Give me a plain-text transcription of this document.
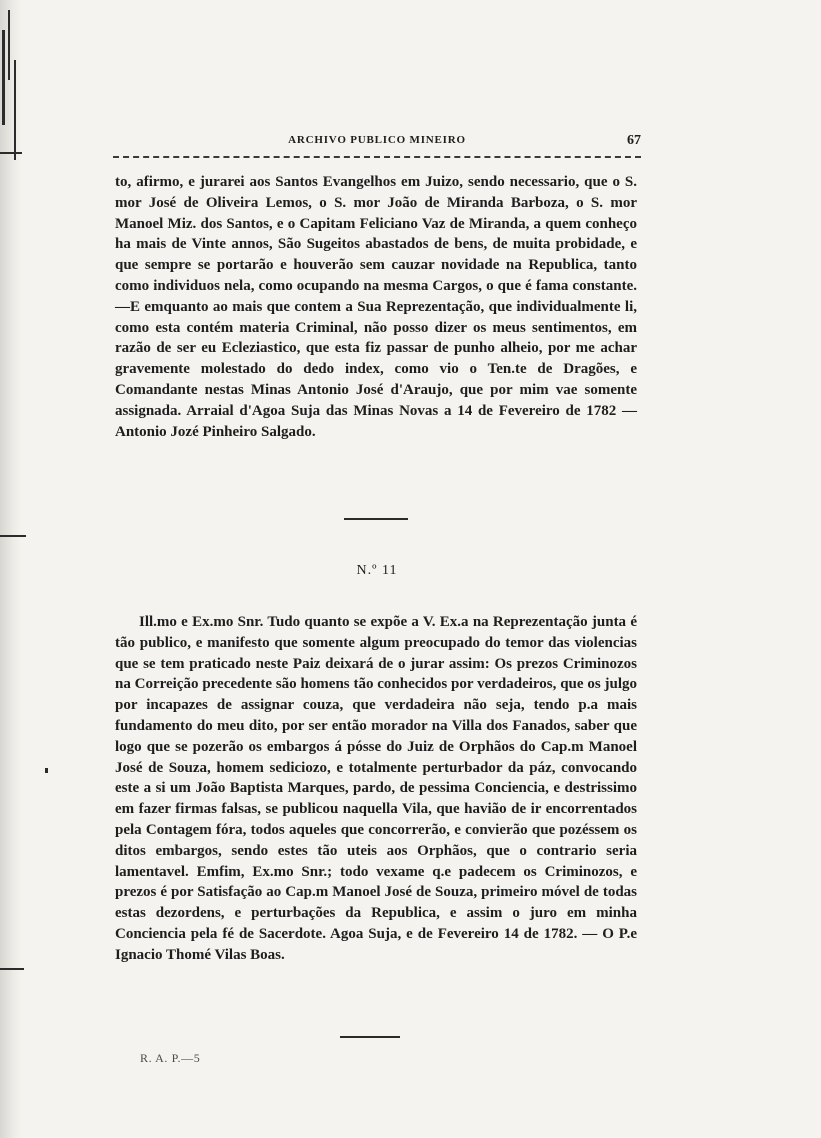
ARCHIVO PUBLICO MINEIRO	67

to, afirmo, e jurarei aos Santos Evangelhos em Juizo, sendo necessario, que o S. mor José de Oliveira Lemos, o S. mor João de Miranda Barboza, o S. mor Manoel Miz. dos Santos, e o Capitam Feliciano Vaz de Miranda, a quem conheço ha mais de Vinte annos, São Sugeitos abastados de bens, de muita probidade, e que sempre se portarão e houverão sem cauzar novidade na Republica, tanto como individuos nela, como ocupando na mesma Cargos, o que é fama constante.—E emquanto ao mais que contem a Sua Reprezentação, que individualmente li, como esta contém materia Criminal, não posso dizer os meus sentimentos, em razão de ser eu Ecleziastico, que esta fiz passar de punho alheio, por me achar gravemente molestado do dedo index, como vio o Ten.te de Dragões, e Comandante nestas Minas Antonio José d'Araujo, que por mim vae somente assignada. Arraial d'Agoa Suja das Minas Novas a 14 de Fevereiro de 1782 — Antonio Jozé Pinheiro Salgado.

N.º 11

Ill.mo e Ex.mo Snr. Tudo quanto se expõe a V. Ex.a na Reprezentação junta é tão publico, e manifesto que somente algum preocupado do temor das violencias que se tem praticado neste Paiz deixará de o jurar assim: Os prezos Criminozos na Correição precedente são homens tão conhecidos por verdadeiros, que os julgo por incapazes de assignar couza, que verdadeira não seja, tendo p.a mais fundamento do meu dito, por ser então morador na Villa dos Fanados, saber que logo que se pozerão os embargos á pósse do Juiz de Orphãos do Cap.m Manoel José de Souza, homem sediciozo, e totalmente perturbador da páz, convocando este a si um João Baptista Marques, pardo, de pessima Conciencia, e destrissimo em fazer firmas falsas, se publicou naquella Vila, que havião de ir encorrentados pela Contagem fóra, todos aqueles que concorrerão, e convierão que pozéssem os ditos embargos, sendo estes tão uteis aos Orphãos, que o contrario seria lamentavel. Emfim, Ex.mo Snr.; todo vexame q.e padecem os Criminozos, e prezos é por Satisfação ao Cap.m Manoel José de Souza, primeiro móvel de todas estas dezordens, e perturbações da Republica, e assim o juro em minha Conciencia pela fé de Sacerdote. Agoa Suja, e de Fevereiro 14 de 1782. — O P.e Ignacio Thomé Vilas Boas.

R. A. P.—5
